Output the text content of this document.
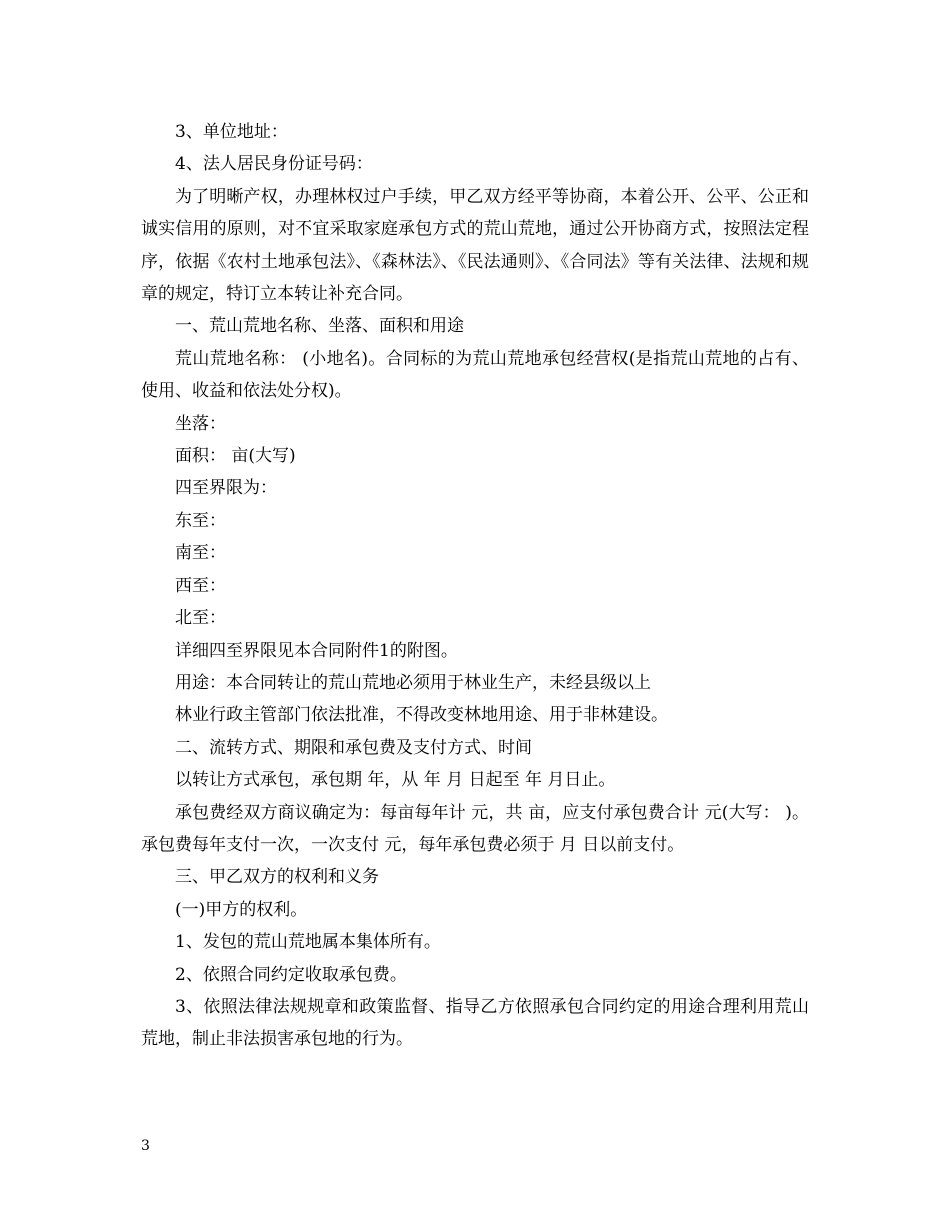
3、单位地址：

4、法人居民身份证号码：

为了明晰产权，办理林权过户手续，甲乙双方经平等协商，本着公开、公平、公正和诚实信用的原则，对不宜采取家庭承包方式的荒山荒地，通过公开协商方式，按照法定程序，依据《农村土地承包法》、《森林法》、《民法通则》、《合同法》等有关法律、法规和规章的规定，特订立本转让补充合同。

一、荒山荒地名称、坐落、面积和用途

荒山荒地名称： (小地名)。合同标的为荒山荒地承包经营权(是指荒山荒地的占有、使用、收益和依法处分权)。

坐落：

面积： 亩(大写)

四至界限为：

东至：

南至：

西至：

北至：

详细四至界限见本合同附件1的附图。

用途：本合同转让的荒山荒地必须用于林业生产，未经县级以上

林业行政主管部门依法批准，不得改变林地用途、用于非林建设。

二、流转方式、期限和承包费及支付方式、时间

以转让方式承包，承包期 年，从 年 月 日起至 年 月日止。

承包费经双方商议确定为：每亩每年计 元，共 亩，应支付承包费合计 元(大写： )。承包费每年支付一次，一次支付 元，每年承包费必须于 月 日以前支付。

三、甲乙双方的权利和义务

(一)甲方的权利。

1、发包的荒山荒地属本集体所有。

2、依照合同约定收取承包费。

3、依照法律法规规章和政策监督、指导乙方依照承包合同约定的用途合理利用荒山荒地，制止非法损害承包地的行为。

3
